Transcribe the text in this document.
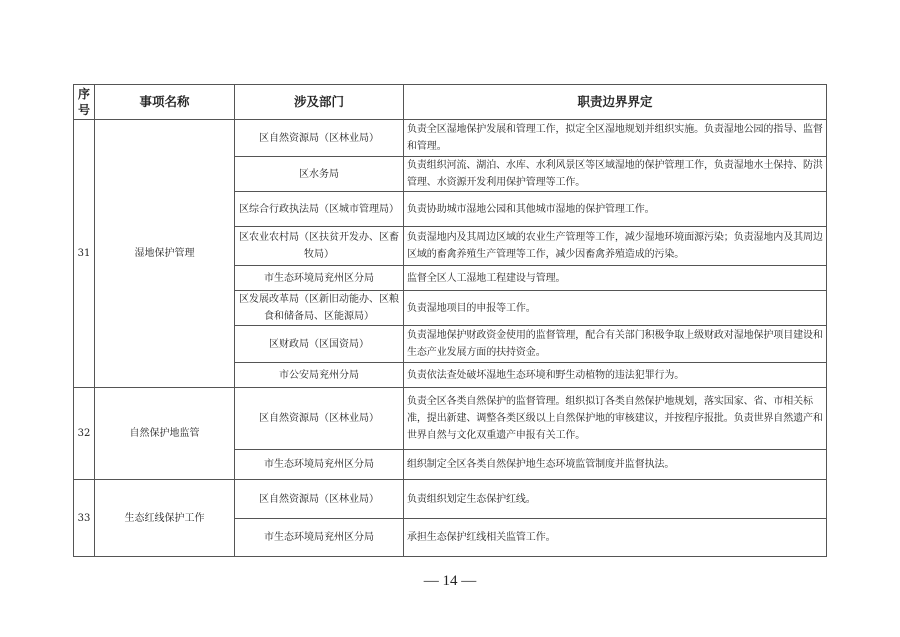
序号	事项名称	涉及部门	职责边界界定
31	湿地保护管理	区自然资源局（区林业局）	负责全区湿地保护发展和管理工作，拟定全区湿地规划并组织实施。负责湿地公园的指导、监督和管理。
		区水务局	负责组织河流、湖泊、水库、水利风景区等区域湿地的保护管理工作，负责湿地水土保持、防洪管理、水资源开发利用保护管理等工作。
		区综合行政执法局（区城市管理局）	负责协助城市湿地公园和其他城市湿地的保护管理工作。
		区农业农村局（区扶贫开发办、区畜牧局）	负责湿地内及其周边区域的农业生产管理等工作，减少湿地环境面源污染；负责湿地内及其周边区域的畜禽养殖生产管理等工作，减少因畜禽养殖造成的污染。
		市生态环境局兖州区分局	监督全区人工湿地工程建设与管理。
		区发展改革局（区新旧动能办、区粮食和储备局、区能源局）	负责湿地项目的申报等工作。
		区财政局（区国资局）	负责湿地保护财政资金使用的监督管理，配合有关部门积极争取上级财政对湿地保护项目建设和生态产业发展方面的扶持资金。
		市公安局兖州分局	负责依法查处破坏湿地生态环境和野生动植物的违法犯罪行为。
32	自然保护地监管	区自然资源局（区林业局）	负责全区各类自然保护的监督管理。组织拟订各类自然保护地规划，落实国家、省、市相关标准，提出新建、调整各类区级以上自然保护地的审核建议，并按程序报批。负责世界自然遗产和世界自然与文化双重遗产申报有关工作。
		市生态环境局兖州区分局	组织制定全区各类自然保护地生态环境监管制度并监督执法。
33	生态红线保护工作	区自然资源局（区林业局）	负责组织划定生态保护红线。
		市生态环境局兖州区分局	承担生态保护红线相关监管工作。
— 14 —
